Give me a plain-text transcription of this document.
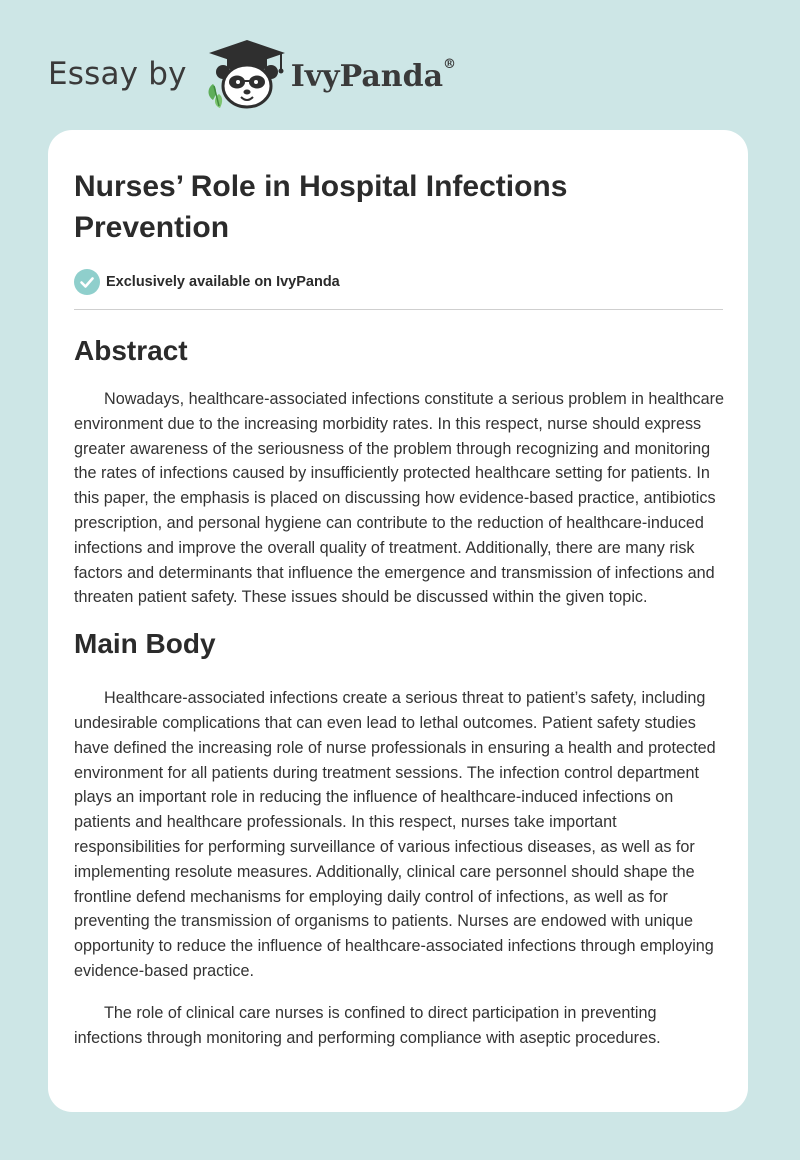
Essay by	IvyPanda®
Nurses’ Role in Hospital Infections Prevention
Exclusively available on IvyPanda
Abstract

Nowadays, healthcare-associated infections constitute a serious problem in healthcare environment due to the increasing morbidity rates. In this respect, nurse should express greater awareness of the seriousness of the problem through recognizing and monitoring the rates of infections caused by insufficiently protected healthcare setting for patients. In this paper, the emphasis is placed on discussing how evidence-based practice, antibiotics prescription, and personal hygiene can contribute to the reduction of healthcare-induced infections and improve the overall quality of treatment. Additionally, there are many risk factors and determinants that influence the emergence and transmission of infections and threaten patient safety. These issues should be discussed within the given topic.

Main Body

Healthcare-associated infections create a serious threat to patient’s safety, including undesirable complications that can even lead to lethal outcomes. Patient safety studies have defined the increasing role of nurse professionals in ensuring a health and protected environment for all patients during treatment sessions. The infection control department plays an important role in reducing the influence of healthcare-induced infections on patients and healthcare professionals. In this respect, nurses take important responsibilities for performing surveillance of various infectious diseases, as well as for implementing resolute measures. Additionally, clinical care personnel should shape the frontline defend mechanisms for employing daily control of infections, as well as for preventing the transmission of organisms to patients. Nurses are endowed with unique opportunity to reduce the influence of healthcare-associated infections through employing evidence-based practice.

The role of clinical care nurses is confined to direct participation in preventing infections through monitoring and performing compliance with aseptic procedures.
